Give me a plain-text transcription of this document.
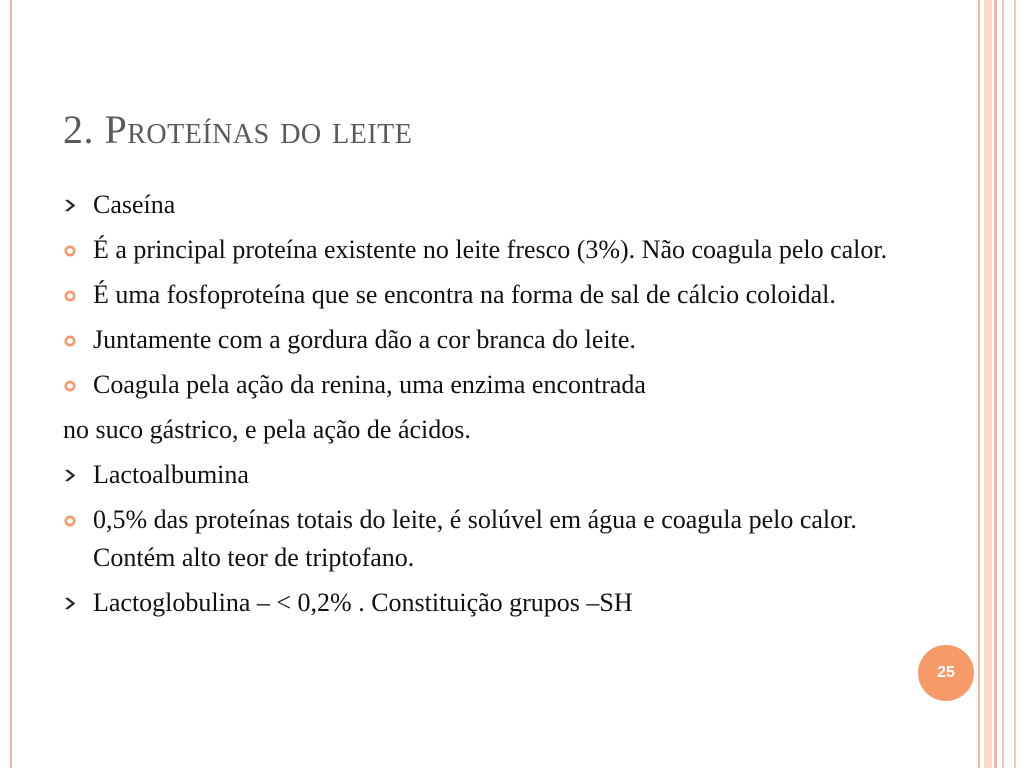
2. Proteínas do leite
Caseína
É a principal proteína existente no leite fresco (3%). Não coagula pelo calor.
É uma fosfoproteína que se encontra na forma de sal de cálcio coloidal.
Juntamente com a gordura dão a cor branca do leite.
Coagula pela ação da renina, uma enzima encontrada
no suco gástrico, e pela ação de ácidos.
Lactoalbumina
0,5% das proteínas totais do leite, é solúvel em água e coagula pelo calor. Contém alto teor de triptofano.
Lactoglobulina – < 0,2% . Constituição grupos –SH
25
